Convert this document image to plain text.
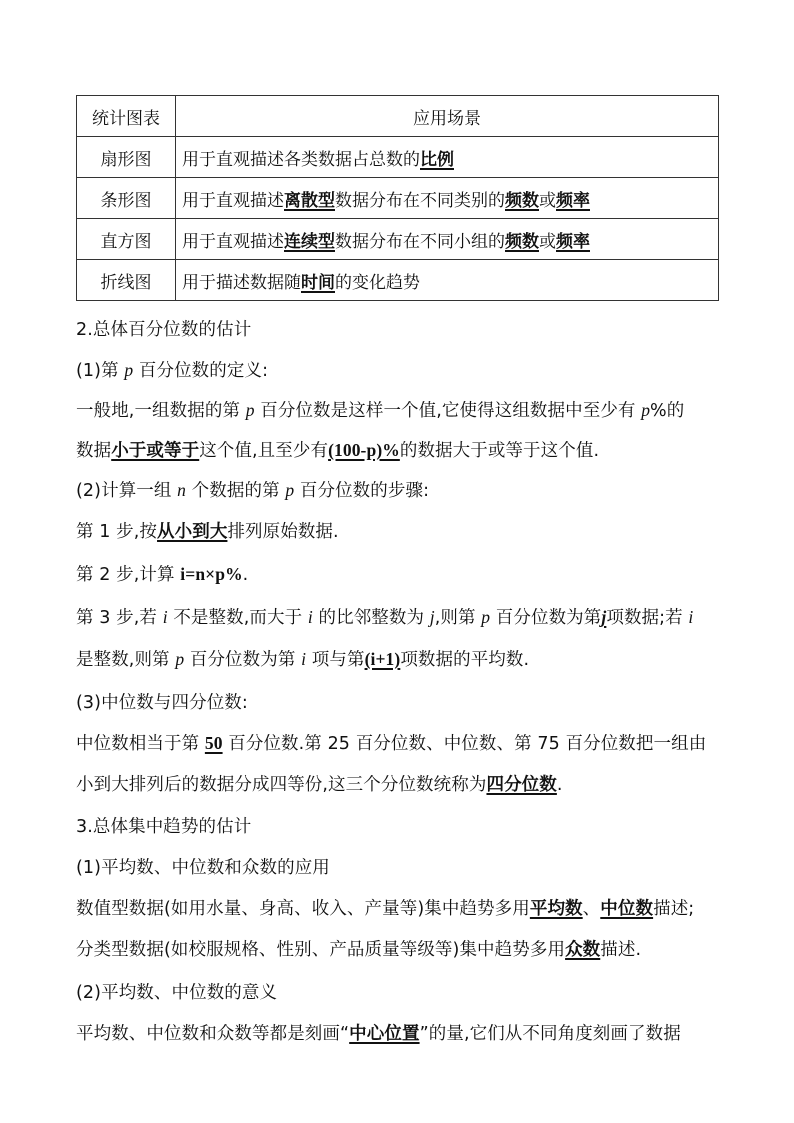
统计图表	应用场景
扇形图	用于直观描述各类数据占总数的比例
条形图	用于直观描述离散型数据分布在不同类别的频数或频率
直方图	用于直观描述连续型数据分布在不同小组的频数或频率
折线图	用于描述数据随时间的变化趋势
2.总体百分位数的估计
(1)第 p 百分位数的定义:
一般地,一组数据的第 p 百分位数是这样一个值,它使得这组数据中至少有 p%的
数据小于或等于这个值,且至少有(100-p)%的数据大于或等于这个值.
(2)计算一组 n 个数据的第 p 百分位数的步骤:
第 1 步,按从小到大排列原始数据.
第 2 步,计算 i=n×p%.
第 3 步,若 i 不是整数,而大于 i 的比邻整数为 j,则第 p 百分位数为第j项数据;若 i
是整数,则第 p 百分位数为第 i 项与第(i+1)项数据的平均数.
(3)中位数与四分位数:
中位数相当于第 50 百分位数.第 25 百分位数、中位数、第 75 百分位数把一组由
小到大排列后的数据分成四等份,这三个分位数统称为四分位数.
3.总体集中趋势的估计
(1)平均数、中位数和众数的应用
数值型数据(如用水量、身高、收入、产量等)集中趋势多用平均数、中位数描述;
分类型数据(如校服规格、性别、产品质量等级等)集中趋势多用众数描述.
(2)平均数、中位数的意义
平均数、中位数和众数等都是刻画“中心位置”的量,它们从不同角度刻画了数据
